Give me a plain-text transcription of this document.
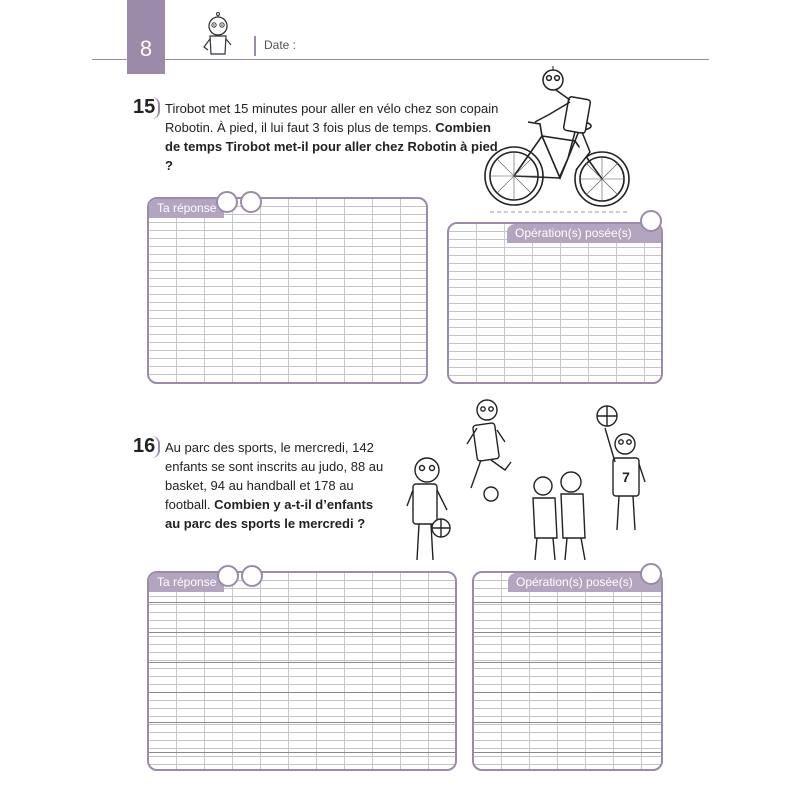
8	Date :
15 Tirobot met 15 minutes pour aller en vélo chez son copain Robotin. À pied, il lui faut 3 fois plus de temps. Combien de temps Tirobot met-il pour aller chez Robotin à pied ?
Ta réponse
Opération(s) posée(s)
16 Au parc des sports, le mercredi, 142 enfants se sont inscrits au judo, 88 au basket, 94 au handball et 178 au football. Combien y a-t-il d’enfants au parc des sports le mercredi ?
7
Ta réponse	Opération(s) posée(s)
